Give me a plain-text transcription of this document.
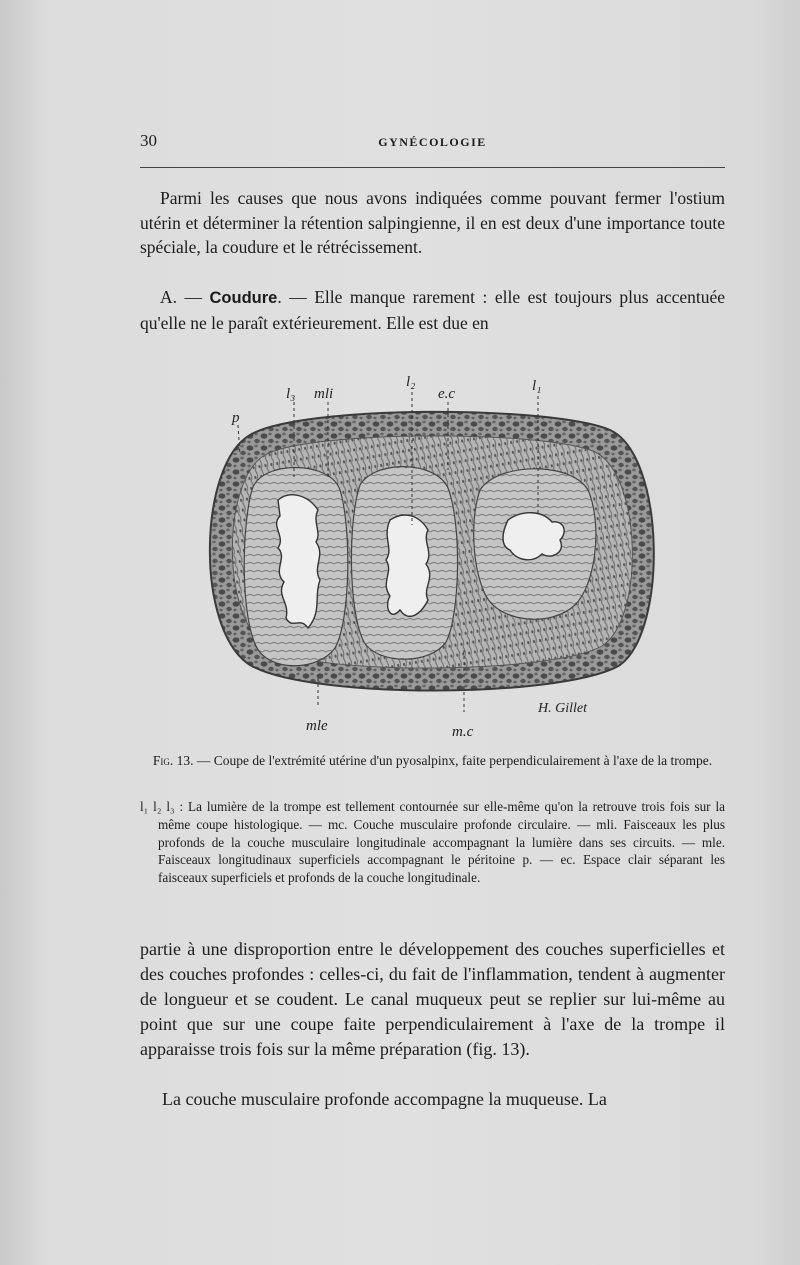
30	GYNÉCOLOGIE

Parmi les causes que nous avons indiquées comme pouvant fermer l'ostium utérin et déterminer la rétention salpingienne, il en est deux d'une importance toute spéciale, la coudure et le rétrécissement.

A. — Coudure. — Elle manque rarement : elle est toujours plus accentuée qu'elle ne le paraît extérieurement. Elle est due en

l₃ mli
l₂
e.c	l₁
p
mle	m.c
H. Gillet

Fig. 13. — Coupe de l'extrémité utérine d'un pyosalpinx, faite perpendiculairement à l'axe de la trompe.

l₁ l₂ l₃ : La lumière de la trompe est tellement contournée sur elle-même qu'on la retrouve trois fois sur la même coupe histologique. — mc. Couche musculaire profonde circulaire. — mli. Faisceaux les plus profonds de la couche musculaire longitudinale accompagnant la lumière dans ses circuits. — mle. Faisceaux longitudinaux superficiels accompagnant le péritoine p. — ec. Espace clair séparant les faisceaux superficiels et profonds de la couche longitudinale.

partie à une disproportion entre le développement des couches superficielles et des couches profondes : celles-ci, du fait de l'inflammation, tendent à augmenter de longueur et se coudent. Le canal muqueux peut se replier sur lui-même au point que sur une coupe faite perpendiculairement à l'axe de la trompe il apparaisse trois fois sur la même préparation (fig. 13).

La couche musculaire profonde accompagne la muqueuse. La
